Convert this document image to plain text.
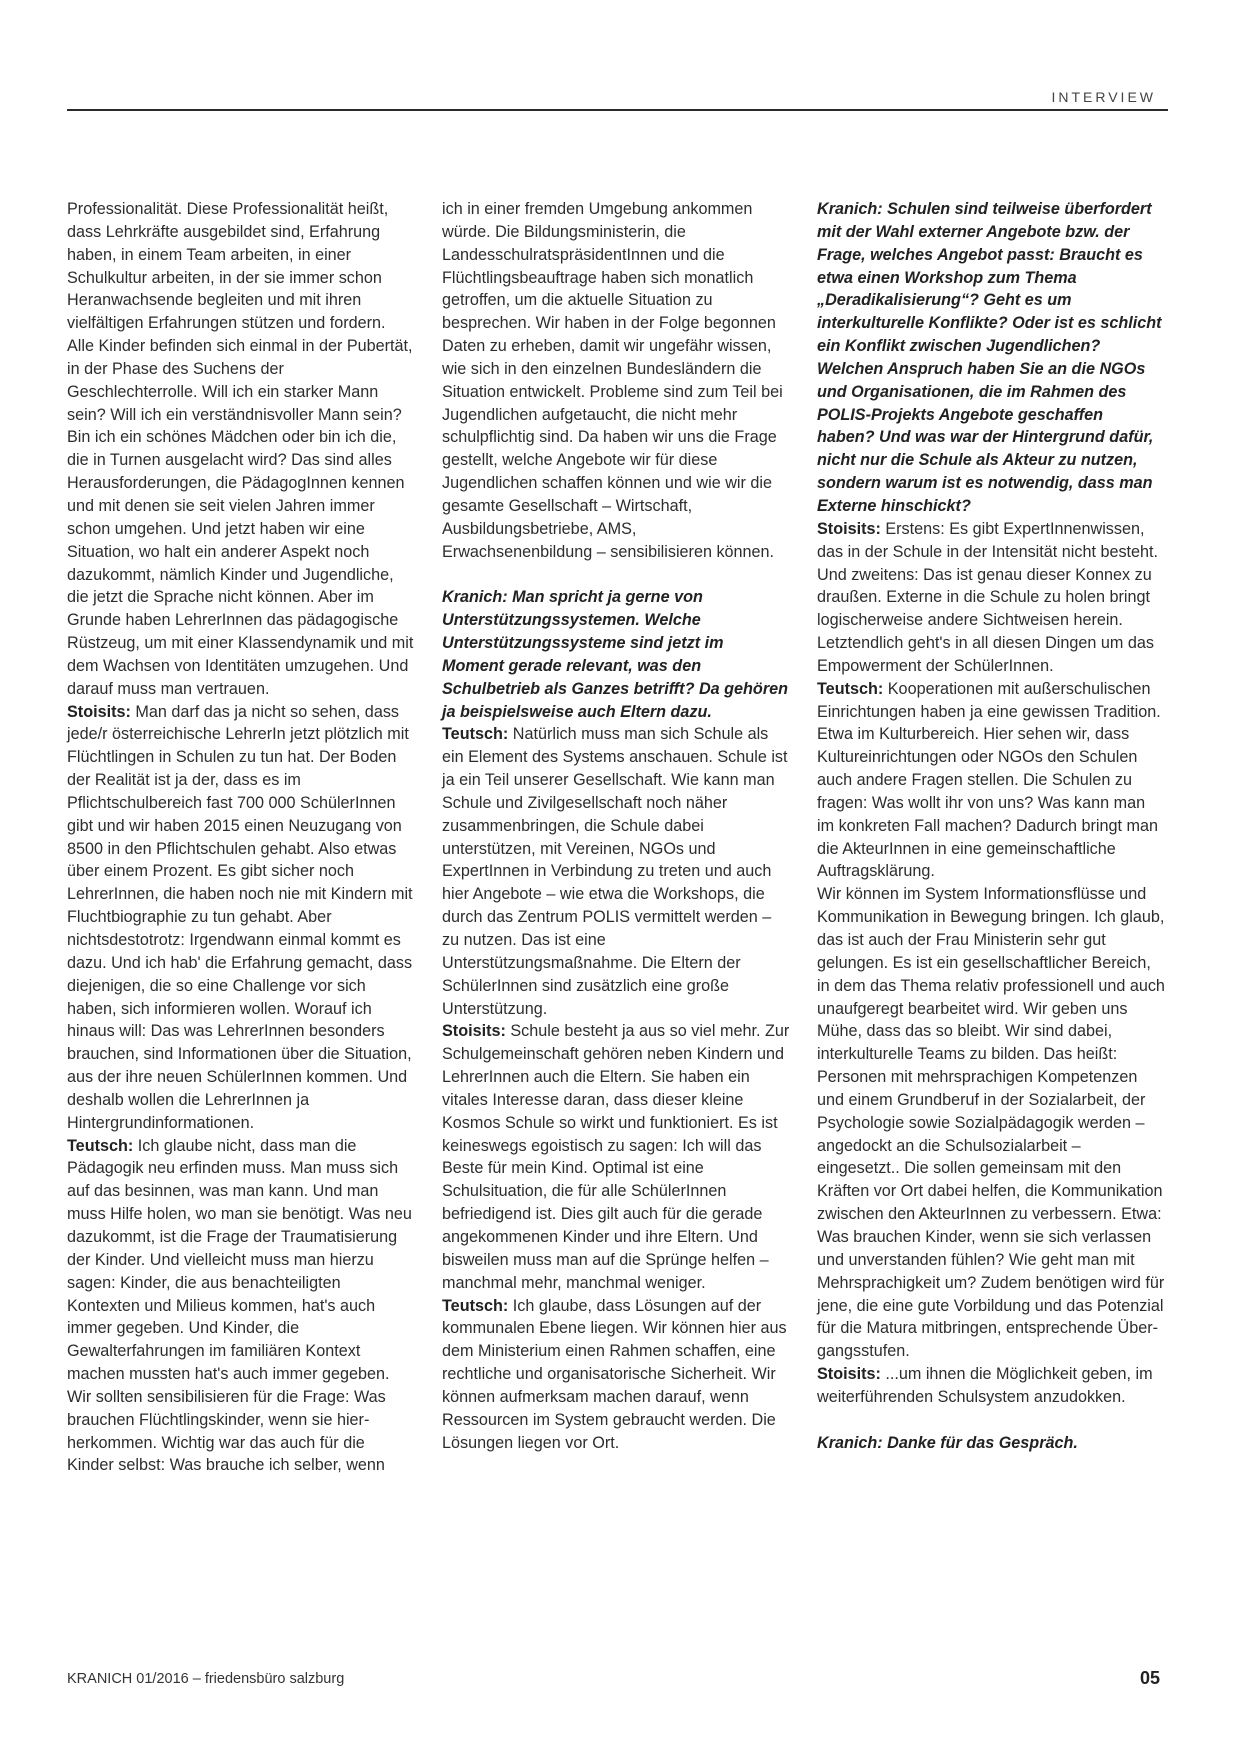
INTERVIEW

Professionalität. Diese Professionalität heißt, dass Lehrkräfte ausgebildet sind, Erfahrung haben, in einem Team arbeiten, in einer Schulkultur arbeiten, in der sie immer schon Heranwachsende begleiten und mit ihren vielfältigen Erfahrungen stützen und fordern. Alle Kinder befinden sich einmal in der Pubertät, in der Phase des Suchens der Geschlechterrolle. Will ich ein starker Mann sein? Will ich ein verständnisvoller Mann sein? Bin ich ein schönes Mädchen oder bin ich die, die in Turnen ausgelacht wird? Das sind alles Herausforderungen, die PädagogInnen kennen und mit denen sie seit vielen Jahren immer schon umgehen. Und jetzt haben wir eine Situation, wo halt ein anderer Aspekt noch dazukommt, nämlich Kinder und Jugendliche, die jetzt die Sprache nicht können. Aber im Grunde haben LehrerInnen das pädagogische Rüstzeug, um mit einer Klassendynamik und mit dem Wachsen von Identitäten umzugehen. Und darauf muss man vertrauen.

Stoisits: Man darf das ja nicht so sehen, dass jede/r österreichische LehrerIn jetzt plötzlich mit Flüchtlingen in Schulen zu tun hat. Der Boden der Realität ist ja der, dass es im Pflichtschulbereich fast 700 000 SchülerInnen gibt und wir haben 2015 einen Neuzugang von 8500 in den Pflichtschulen gehabt. Also etwas über einem Prozent. Es gibt sicher noch LehrerInnen, die haben noch nie mit Kindern mit Fluchtbiographie zu tun gehabt. Aber nichtsdestotrotz: Irgendwann einmal kommt es dazu. Und ich hab' die Erfahrung gemacht, dass diejenigen, die so eine Challenge vor sich haben, sich informieren wollen. Worauf ich hinaus will: Das was LehrerInnen besonders brauchen, sind Informationen über die Situation, aus der ihre neuen SchülerInnen kommen. Und deshalb wollen die LehrerInnen ja Hintergrundinformationen.

Teutsch: Ich glaube nicht, dass man die Pädagogik neu erfinden muss. Man muss sich auf das besinnen, was man kann. Und man muss Hilfe holen, wo man sie benötigt. Was neu dazukommt, ist die Frage der Traumatisierung der Kinder. Und vielleicht muss man hierzu sagen: Kinder, die aus benachteiligten Kontexten und Milieus kommen, hat's auch immer gegeben. Und Kinder, die Gewalterfahrungen im familiären Kontext machen mussten hat's auch immer gegeben.

Wir sollten sensibilisieren für die Frage: Was brauchen Flüchtlingskinder, wenn sie hierherkommen. Wichtig war das auch für die Kinder selbst: Was brauche ich selber, wenn

ich in einer fremden Umgebung ankommen würde. Die Bildungsministerin, die LandesschulratspräsidentInnen und die Flüchtlingsbeauftrage haben sich monatlich getroffen, um die aktuelle Situation zu besprechen. Wir haben in der Folge begonnen Daten zu erheben, damit wir ungefähr wissen, wie sich in den einzelnen Bundesländern die Situation entwickelt. Probleme sind zum Teil bei Jugendlichen aufgetaucht, die nicht mehr schulpflichtig sind. Da haben wir uns die Frage gestellt, welche Angebote wir für diese Jugendlichen schaffen können und wie wir die gesamte Gesellschaft – Wirtschaft, Ausbildungsbetriebe, AMS, Erwachsenenbildung – sensibilisieren können.

Kranich: Man spricht ja gerne von Unterstützungssystemen. Welche Unterstützungssysteme sind jetzt im Moment gerade relevant, was den Schulbetrieb als Ganzes betrifft? Da gehören ja beispielsweise auch Eltern dazu.

Teutsch: Natürlich muss man sich Schule als ein Element des Systems anschauen. Schule ist ja ein Teil unserer Gesellschaft. Wie kann man Schule und Zivilgesellschaft noch näher zusammenbringen, die Schule dabei unterstützen, mit Vereinen, NGOs und ExpertInnen in Verbindung zu treten und auch hier Angebote – wie etwa die Workshops, die durch das Zentrum POLIS vermittelt werden – zu nutzen. Das ist eine Unterstützungsmaßnahme. Die Eltern der SchülerInnen sind zusätzlich eine große Unterstützung.

Stoisits: Schule besteht ja aus so viel mehr. Zur Schulgemeinschaft gehören neben Kindern und LehrerInnen auch die Eltern. Sie haben ein vitales Interesse daran, dass dieser kleine Kosmos Schule so wirkt und funktioniert. Es ist keineswegs egoistisch zu sagen: Ich will das Beste für mein Kind. Optimal ist eine Schulsituation, die für alle SchülerInnen befriedigend ist. Dies gilt auch für die gerade angekommenen Kinder und ihre Eltern. Und bisweilen muss man auf die Sprünge helfen –manchmal mehr, manchmal weniger.

Teutsch: Ich glaube, dass Lösungen auf der kommunalen Ebene liegen. Wir können hier aus dem Ministerium einen Rahmen schaffen, eine rechtliche und organisatorische Sicherheit. Wir können aufmerksam machen darauf, wenn Ressourcen im System gebraucht werden. Die Lösungen liegen vor Ort.

Kranich: Schulen sind teilweise überfordert mit der Wahl externer Angebote bzw. der Frage, welches Angebot passt: Braucht es etwa einen Workshop zum Thema „Deradikalisierung“? Geht es um interkulturelle Konflikte? Oder ist es schlicht ein Konflikt zwischen Jugendlichen? Welchen Anspruch haben Sie an die NGOs und Organisationen, die im Rahmen des POLIS-Projekts Angebote geschaffen haben? Und was war der Hintergrund dafür, nicht nur die Schule als Akteur zu nutzen, sondern warum ist es notwendig, dass man Externe hinschickt?

Stoisits: Erstens: Es gibt ExpertInnenwissen, das in der Schule in der Intensität nicht besteht. Und zweitens: Das ist genau dieser Konnex zu draußen. Externe in die Schule zu holen bringt logischerweise andere Sichtweisen herein. Letztendlich geht's in all diesen Dingen um das Empowerment der SchülerInnen.

Teutsch: Kooperationen mit außerschulischen Einrichtungen haben ja eine gewissen Tradition. Etwa im Kulturbereich. Hier sehen wir, dass Kultureinrichtungen oder NGOs den Schulen auch andere Fragen stellen. Die Schulen zu fragen: Was wollt ihr von uns? Was kann man im konkreten Fall machen? Dadurch bringt man die AkteurInnen in eine gemeinschaftliche Auftragsklärung.

Wir können im System Informationsflüsse und Kommunikation in Bewegung bringen. Ich glaub, das ist auch der Frau Ministerin sehr gut gelungen. Es ist ein gesellschaftlicher Bereich, in dem das Thema relativ professionell und auch unaufgeregt bearbeitet wird. Wir geben uns Mühe, dass das so bleibt. Wir sind dabei, interkulturelle Teams zu bilden. Das heißt: Personen mit mehrsprachigen Kompetenzen und einem Grundberuf in der Sozialarbeit, der Psychologie sowie Sozialpädagogik werden – angedockt an die Schulsozialarbeit – eingesetzt.. Die sollen gemeinsam mit den Kräften vor Ort dabei helfen, die Kommunikation zwischen den AkteurInnen zu verbessern. Etwa: Was brauchen Kinder, wenn sie sich verlassen und unverstanden fühlen? Wie geht man mit Mehrsprachigkeit um? Zudem benötigen wird für jene, die eine gute Vorbildung und das Potenzial für die Matura mitbringen, entsprechende Übergangsstufen.

Stoisits: ...um ihnen die Möglichkeit geben, im weiterführenden Schulsystem anzudokken.

Kranich: Danke für das Gespräch.

KRANICH 01/2016 – friedensbüro salzburg	05
